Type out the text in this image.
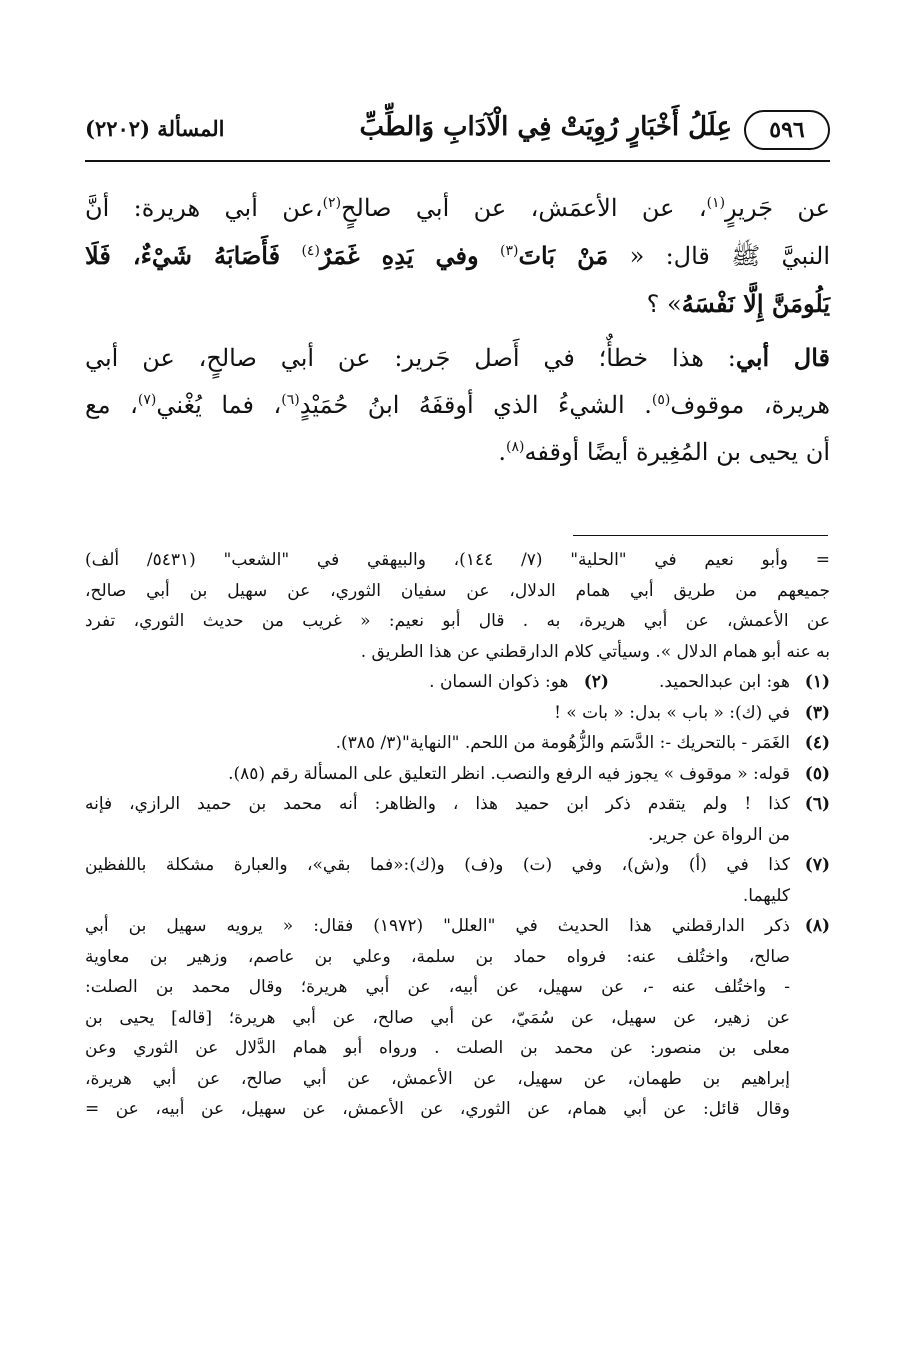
٥٩٦
عِلَلُ أَخْبَارٍ رُوِيَتْ فِي الْآدَابِ وَالطِّبِّ
المسألة (٢٢٠٢)
عن جَريرٍ$^{(١)}$، عن الأعمَش، عن أبي صالحٍ$^{(٢)}$،عن أبي هريرة: أنَّ
النبيَّ ﷺ قال: « مَنْ بَاتَ$^{(٣)}$ وفي يَدِهِ غَمَرٌ$^{(٤)}$ فَأَصَابَهُ شَيْءٌ، فَلَا
يَلُومَنَّ إِلَّا نَفْسَهُ» ؟
قال أبي: هذا خطأٌ؛ في أَصل جَرير: عن أبي صالحٍ، عن أبي
هريرة، موقوف$^{(٥)}$. الشيءُ الذي أوقفَهُ ابنُ حُمَيْدٍ$^{(٦)}$، فما يُغْني$^{(٧)}$، مع
أن يحيى بن المُغِيرة أيضًا أوقفه$^{(٨)}$.
= وأبو نعيم في "الحلية" (٧/ ١٤٤)، والبيهقي في "الشعب" (٥٤٣١/ ألف)
جميعهم من طريق أبي همام الدلال، عن سفيان الثوري، عن سهيل بن أبي صالح،
عن الأعمش، عن أبي هريرة، به . قال أبو نعيم: « غريب من حديث الثوري، تفرد
به عنه أبو همام الدلال ». وسيأتي كلام الدارقطني عن هذا الطريق .
(١)
هو: ابن عبدالحميد.(٢)   هو: ذكوان السمان .
(٣)
في (ك): « باب » بدل: « بات » !
(٤)
الغَمَر - بالتحريك -: الدَّسَم والزُّهُومة من اللحم. "النهاية"(٣/ ٣٨٥).
(٥)
قوله: « موقوف » يجوز فيه الرفع والنصب. انظر التعليق على المسألة رقم (٨٥).
(٦)
كذا ! ولم يتقدم ذكر ابن حميد هذا ، والظاهر: أنه محمد بن حميد الرازي، فإنه
من الرواة عن جرير.
(٧)
كذا في (أ) و(ش)، وفي (ت) و(ف) و(ك):«فما بقي»، والعبارة مشكلة باللفظين
كليهما.
(٨)
ذكر الدارقطني هذا الحديث في "العلل" (١٩٧٢) فقال: « يرويه سهيل بن أبي
صالح، واختُلف عنه: فرواه حماد بن سلمة، وعلي بن عاصم، وزهير بن معاوية
- واختُلف عنه -، عن سهيل، عن أبيه، عن أبي هريرة؛ وقال محمد بن الصلت:
عن زهير، عن سهيل، عن سُمَيّ، عن أبي صالح، عن أبي هريرة؛ [قاله] يحيى بن
معلى بن منصور: عن محمد بن الصلت . ورواه أبو همام الدَّلال عن الثوري وعن
إبراهيم بن طهمان، عن سهيل، عن الأعمش، عن أبي صالح، عن أبي هريرة،
وقال قائل: عن أبي همام، عن الثوري، عن الأعمش، عن سهيل، عن أبيه، عن =
